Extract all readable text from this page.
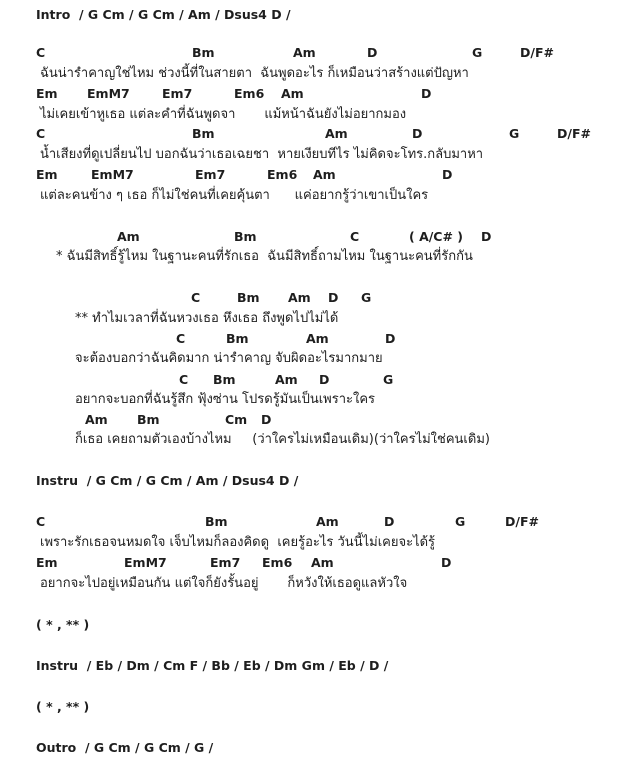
Intro  / G Cm / G Cm / Am / Dsus4 D /
C	Bm	Am	D	G	D/F#
ฉันน่ารำคาญใช่ไหม ช่วงนี้ที่ในสายตา  ฉันพูดอะไร ก็เหมือนว่าสร้างแต่ปัญหา
Em EmM7	Em7	Em6 Am	D
ไม่เคยเข้าหูเธอ แต่ละคำที่ฉันพูดจา       แม้หน้าฉันยังไม่อยากมอง
C	Bm	Am	D	G	D/F#
น้ำเสียงที่ดูเปลี่ยนไป บอกฉันว่าเธอเฉยชา  หายเงียบทีไร ไม่คิดจะโทร.กลับมาหา
Em	EmM7	Em7	Em6 Am	D
แต่ละคนข้าง ๆ เธอ ก็ไม่ใช่คนที่เคยคุ้นตา      แค่อยากรู้ว่าเขาเป็นใคร
Am	Bm	C	( A/C# ) D
* ฉันมีสิทธิ์รู้ไหม ในฐานะคนที่รักเธอ  ฉันมีสิทธิ์ถามไหม ในฐานะคนที่รักกัน
C	Bm Am D G
** ทำไมเวลาที่ฉันหวงเธอ หึงเธอ ถึงพูดไปไม่ได้
C	Bm	Am	D
จะต้องบอกว่าฉันคิดมาก น่ารำคาญ จับผิดอะไรมากมาย
C Bm	Am D	G
อยากจะบอกที่ฉันรู้สึก ฟุ้งซ่าน โปรดรู้มันเป็นเพราะใคร
Am Bm	Cm D
ก็เธอ เคยถามตัวเองบ้างไหม     (ว่าใครไม่เหมือนเดิม)(ว่าใครไม่ใช่คนเดิม)
Instru  / G Cm / G Cm / Am / Dsus4 D /
C	Bm	Am	D	G	D/F#
เพราะรักเธอจนหมดใจ เจ็บไหมก็ลองคิดดู  เคยรู้อะไร วันนี้ไม่เคยจะได้รู้
Em	EmM7	Em7 Em6 Am	D
อยากจะไปอยู่เหมือนกัน แต่ใจก็ยังรั้นอยู่       ก็หวังให้เธอดูแลหัวใจ
( * , ** )
Instru  / Eb / Dm / Cm F / Bb / Eb / Dm Gm / Eb / D /
( * , ** )
Outro  / G Cm / G Cm / G /
